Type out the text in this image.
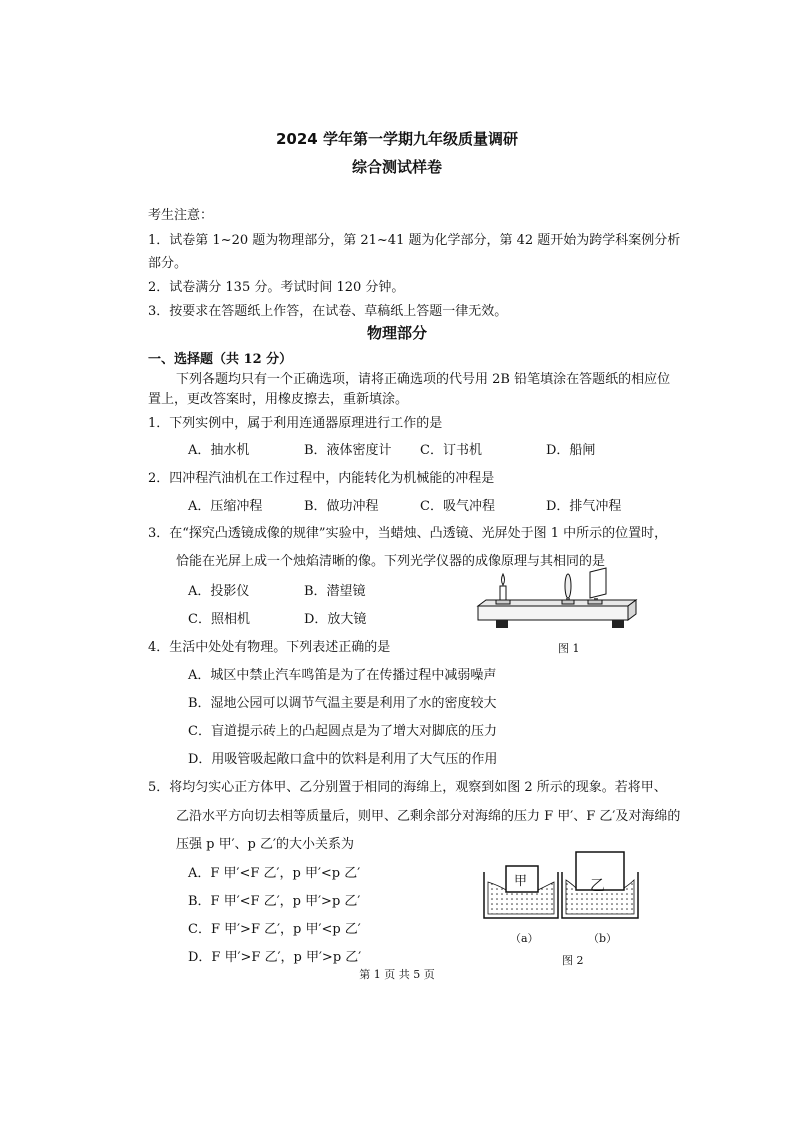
2024 学年第一学期九年级质量调研
综合测试样卷
考生注意：
1．试卷第 1~20 题为物理部分，第 21~41 题为化学部分，第 42 题开始为跨学科案例分析
部分。
2．试卷满分 135 分。考试时间 120 分钟。
3．按要求在答题纸上作答，在试卷、草稿纸上答题一律无效。
物理部分
一、选择题（共 12 分）
下列各题均只有一个正确选项，请将正确选项的代号用 2B 铅笔填涂在答题纸的相应位
置上，更改答案时，用橡皮擦去，重新填涂。
1．下列实例中，属于利用连通器原理进行工作的是
A．抽水机	B．液体密度计 C．订书机	D．船闸
2．四冲程汽油机在工作过程中，内能转化为机械能的冲程是
A．压缩冲程	B．做功冲程	C．吸气冲程	D．排气冲程
3．在“探究凸透镜成像的规律”实验中，当蜡烛、凸透镜、光屏处于图 1 中所示的位置时，
恰能在光屏上成一个烛焰清晰的像。下列光学仪器的成像原理与其相同的是
A．投影仪	B．潜望镜
C．照相机	D．放大镜
图 1
4．生活中处处有物理。下列表述正确的是
A．城区中禁止汽车鸣笛是为了在传播过程中减弱噪声
B．湿地公园可以调节气温主要是利用了水的密度较大
C．盲道提示砖上的凸起圆点是为了增大对脚底的压力
D．用吸管吸起敞口盒中的饮料是利用了大气压的作用
5．将均匀实心正方体甲、乙分别置于相同的海绵上，观察到如图 2 所示的现象。若将甲、
乙沿水平方向切去相等质量后，则甲、乙剩余部分对海绵的压力 F 甲′、F 乙′及对海绵的
压强 p 甲′、p 乙′的大小关系为
A．F 甲′<F 乙′，p 甲′<p 乙′
B．F 甲′<F 乙′，p 甲′>p 乙′
C．F 甲′>F 乙′，p 甲′<p 乙′
D．F 甲′>F 乙′，p 甲′>p 乙′
甲	乙
（a）	（b）
图 2
第 1 页 共 5 页
